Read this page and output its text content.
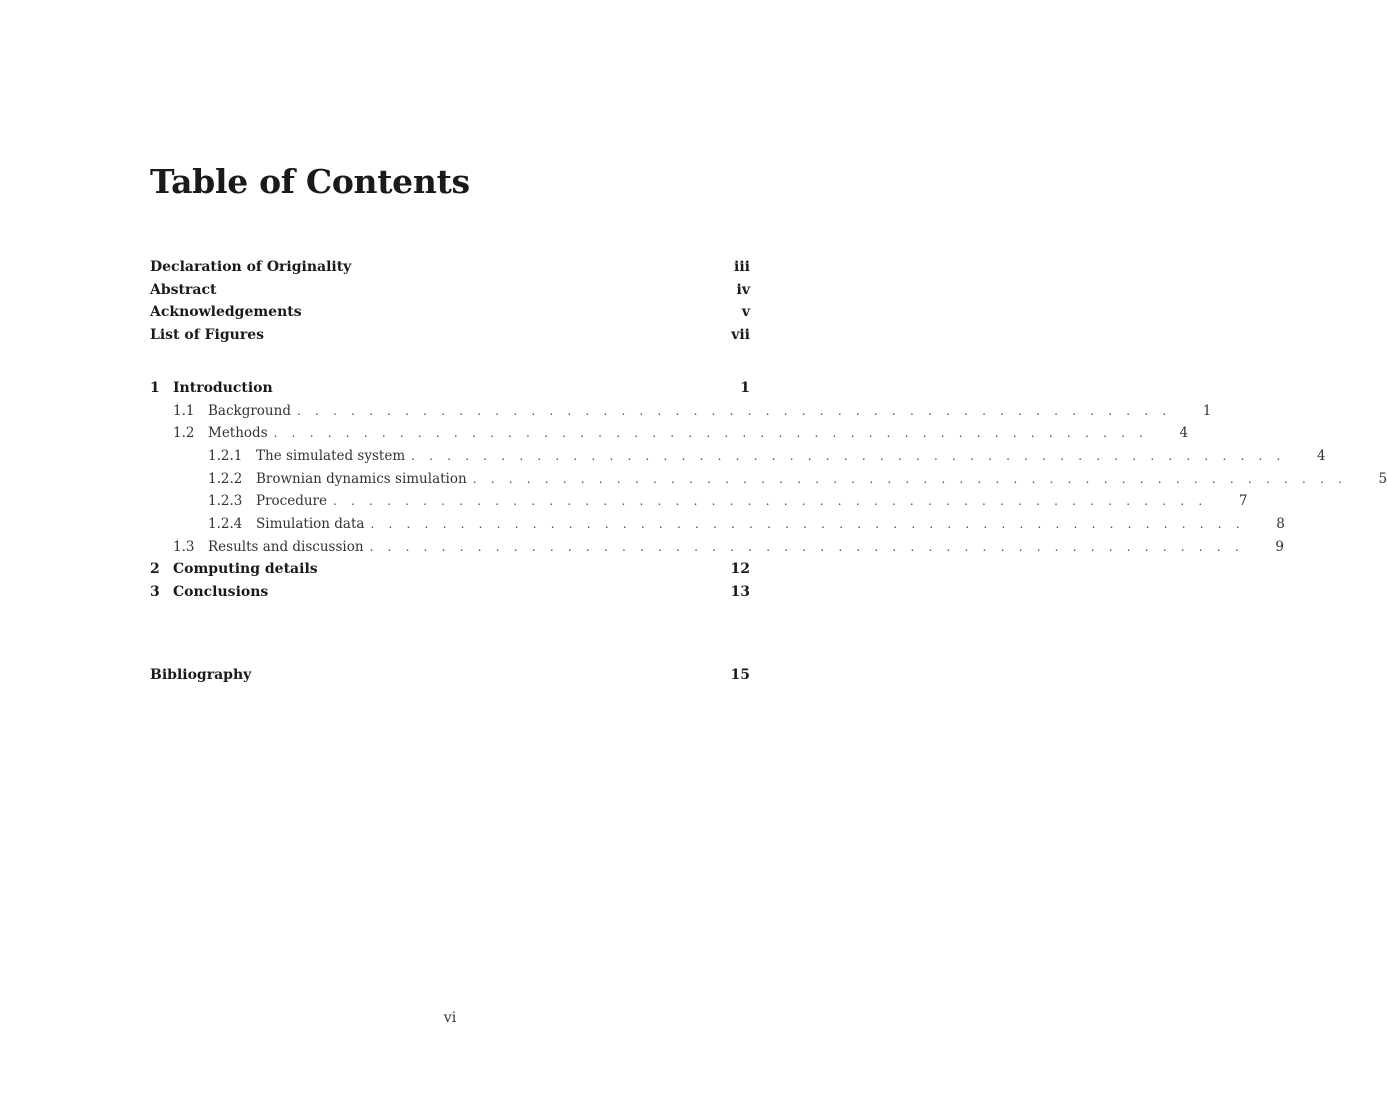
Table of Contents
Declaration of Originality	iii
Abstract	iv
Acknowledgements	v
List of Figures	vii
1 Introduction	1
1.1	Background . . . . . . . . . . . . . . . . . . . . . . . . . . . . . . . . . . . . . . . . . . . . . . . . .	1
1.2	Methods . . . . . . . . . . . . . . . . . . . . . . . . . . . . . . . . . . . . . . . . . . . . . . . . .	4
1.2.1	The simulated system . . . . . . . . . . . . . . . . . . . . . . . . . . . . . . . . . . . . . . . . . . . . . . . . .	4
1.2.2	Brownian dynamics simulation . . . . . . . . . . . . . . . . . . . . . . . . . . . . . . . . . . . . . . . . . . . . . . . . .	5
1.2.3	Procedure . . . . . . . . . . . . . . . . . . . . . . . . . . . . . . . . . . . . . . . . . . . . . . . . .	7
1.2.4	Simulation data . . . . . . . . . . . . . . . . . . . . . . . . . . . . . . . . . . . . . . . . . . . . . . . . .	8
1.3	Results and discussion . . . . . . . . . . . . . . . . . . . . . . . . . . . . . . . . . . . . . . . . . . . . . . . . .	9
2 Computing details	12
3 Conclusions	13
Bibliography	15
vi
